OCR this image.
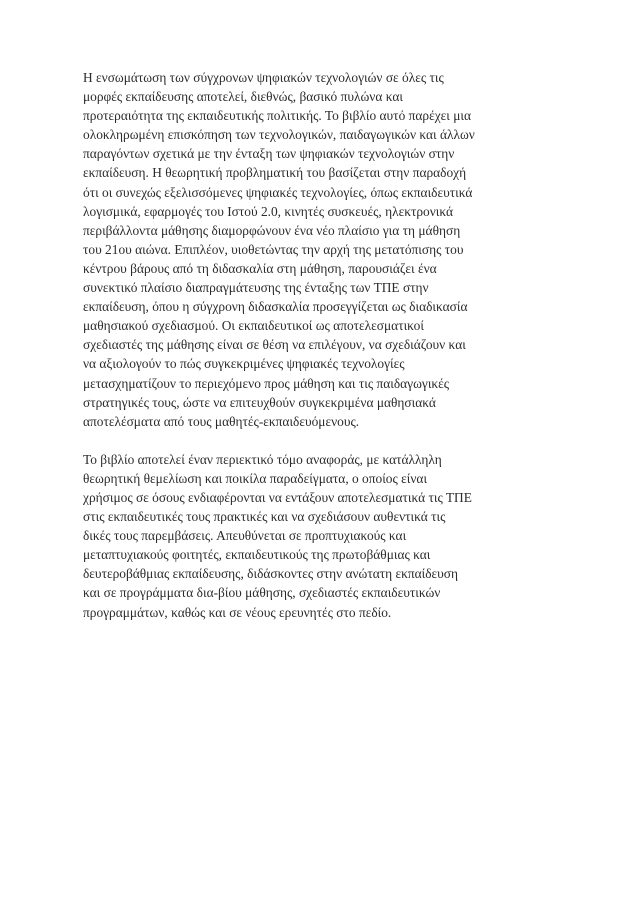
Η ενσωμάτωση των σύγχρονων ψηφιακών τεχνολογιών σε όλες τις
μορφές εκπαίδευσης αποτελεί, διεθνώς, βασικό πυλώνα και
προτεραιότητα της εκπαιδευτικής πολιτικής. Το βιβλίο αυτό παρέχει μια
ολοκληρωμένη επισκόπηση των τεχνολογικών, παιδαγωγικών και άλλων
παραγόντων σχετικά με την ένταξη των ψηφιακών τεχνολογιών στην
εκπαίδευση. Η θεωρητική προβληματική του βασίζεται στην παραδοχή
ότι οι συνεχώς εξελισσόμενες ψηφιακές τεχνολογίες, όπως εκπαιδευτικά
λογισμικά, εφαρμογές του Ιστού 2.0, κινητές συσκευές, ηλεκτρονικά
περιβάλλοντα μάθησης διαμορφώνουν ένα νέο πλαίσιο για τη μάθηση
του 21ου αιώνα. Επιπλέον, υιοθετώντας την αρχή της μετατόπισης του
κέντρου βάρους από τη διδασκαλία στη μάθηση, παρουσιάζει ένα
συνεκτικό πλαίσιο διαπραγμάτευσης της ένταξης των ΤΠΕ στην
εκπαίδευση, όπου η σύγχρονη διδασκαλία προσεγγίζεται ως διαδικασία
μαθησιακού σχεδιασμού. Οι εκπαιδευτικοί ως αποτελεσματικοί
σχεδιαστές της μάθησης είναι σε θέση να επιλέγουν, να σχεδιάζουν και
να αξιολογούν το πώς συγκεκριμένες ψηφιακές τεχνολογίες
μετασχηματίζουν το περιεχόμενο προς μάθηση και τις παιδαγωγικές
στρατηγικές τους, ώστε να επιτευχθούν συγκεκριμένα μαθησιακά
αποτελέσματα από τους μαθητές-εκπαιδευόμενους.
Το βιβλίο αποτελεί έναν περιεκτικό τόμο αναφοράς, με κατάλληλη
θεωρητική θεμελίωση και ποικίλα παραδείγματα, ο οποίος είναι
χρήσιμος σε όσους ενδιαφέρονται να εντάξουν αποτελεσματικά τις ΤΠΕ
στις εκπαιδευτικές τους πρακτικές και να σχεδιάσουν αυθεντικά τις
δικές τους παρεμβάσεις. Απευθύνεται σε προπτυχιακούς και
μεταπτυχιακούς φοιτητές, εκπαιδευτικούς της πρωτοβάθμιας και
δευτεροβάθμιας εκπαίδευσης, διδάσκοντες στην ανώτατη εκπαίδευση
και σε προγράμματα δια-βίου μάθησης, σχεδιαστές εκπαιδευτικών
προγραμμάτων, καθώς και σε νέους ερευνητές στο πεδίο.
